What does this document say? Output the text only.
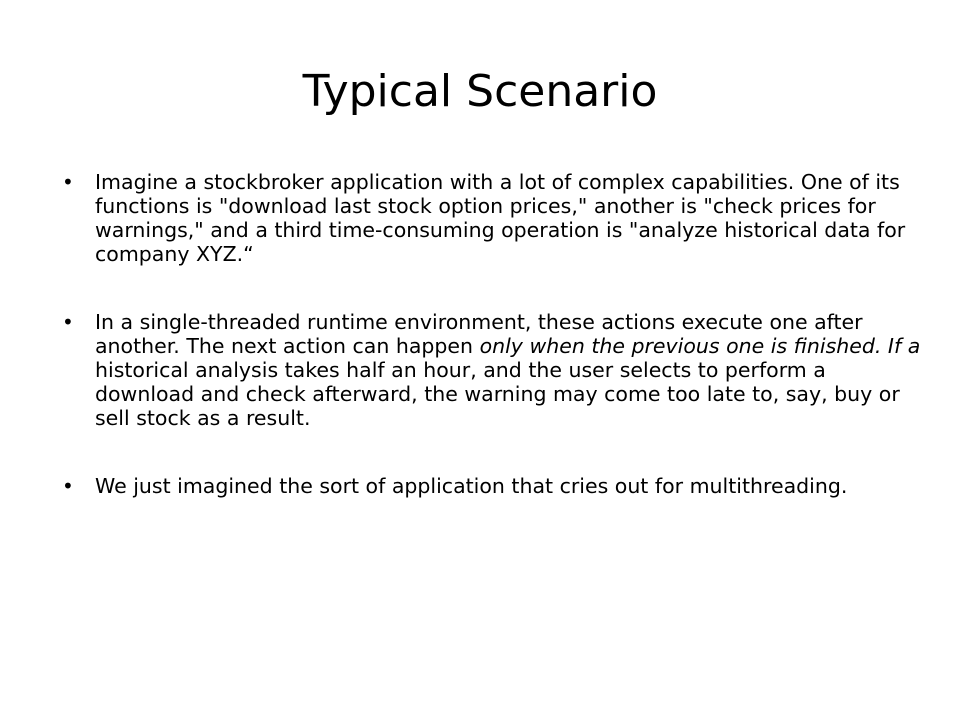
Typical Scenario
• Imagine a stockbroker application with a lot of complex capabilities. One of its functions is "download last stock option prices," another is "check prices for warnings," and a third time-consuming operation is "analyze historical data for company XYZ.“
• In a single-threaded runtime environment, these actions execute one after another. The next action can happen only when the previous one is finished. If a historical analysis takes half an hour, and the user selects to perform a download and check afterward, the warning may come too late to, say, buy or sell stock as a result.
• We just imagined the sort of application that cries out for multithreading.
